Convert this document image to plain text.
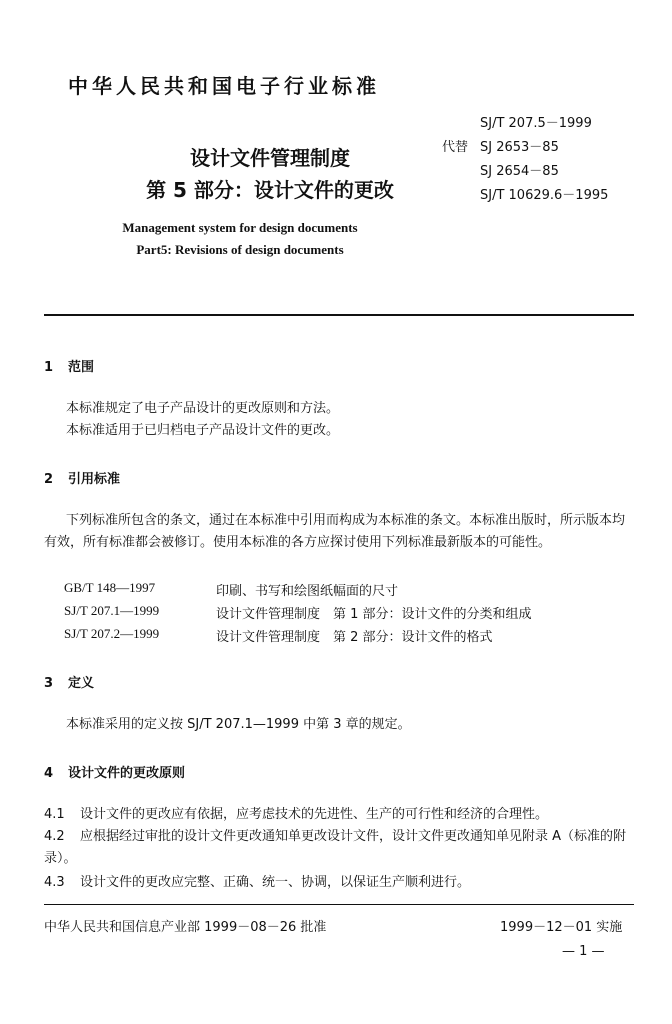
中华人民共和国电子行业标准
SJ/T 207.5－1999
代替 SJ 2653－85
SJ 2654－85
SJ/T 10629.6－1995
设计文件管理制度
第 5 部分：设计文件的更改
Management system for design documents
Part5: Revisions of design documents
1 范围
本标准规定了电子产品设计的更改原则和方法。
本标准适用于已归档电子产品设计文件的更改。
2 引用标准
下列标准所包含的条文，通过在本标准中引用而构成为本标准的条文。本标准出版时，所示版本均有效，所有标准都会被修订。使用本标准的各方应探讨使用下列标准最新版本的可能性。
GB/T 148—1997	印刷、书写和绘图纸幅面的尺寸
SJ/T 207.1—1999	设计文件管理制度　第 1 部分：设计文件的分类和组成
SJ/T 207.2—1999	设计文件管理制度　第 2 部分：设计文件的格式
3 定义
本标准采用的定义按 SJ/T 207.1—1999 中第 3 章的规定。
4 设计文件的更改原则
4.1 设计文件的更改应有依据，应考虑技术的先进性、生产的可行性和经济的合理性。
4.2 应根据经过审批的设计文件更改通知单更改设计文件，设计文件更改通知单见附录 A（标准的附录）。
4.3 设计文件的更改应完整、正确、统一、协调，以保证生产顺利进行。
中华人民共和国信息产业部 1999－08－26 批准	1999－12－01 实施
— 1 —
